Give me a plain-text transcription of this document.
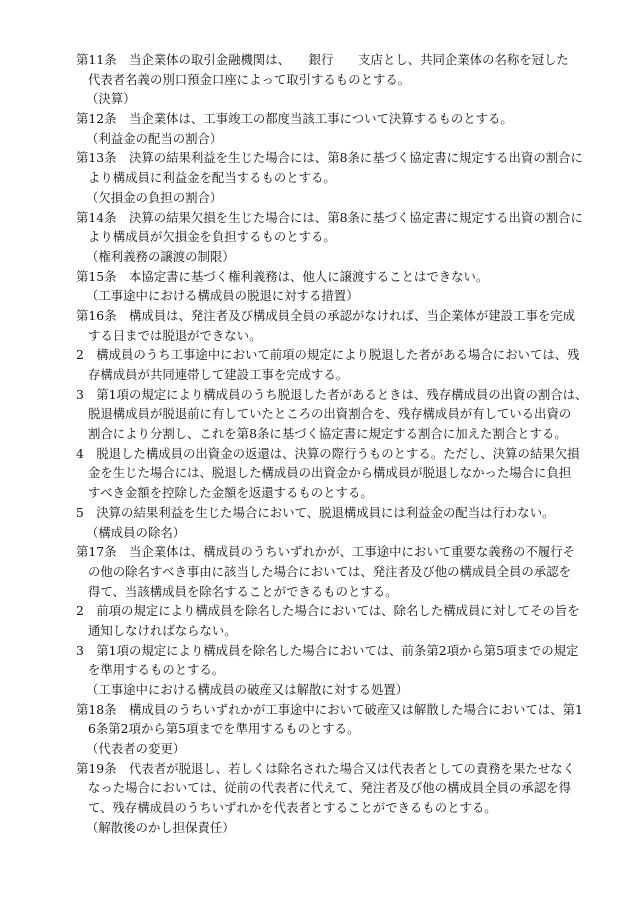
第11条　当企業体の取引金融機関は、　　銀行　　支店とし、共同企業体の名称を冠した
代表者名義の別口預金口座によって取引するものとする。
（決算）
第12条　当企業体は、工事竣工の都度当該工事について決算するものとする。
（利益金の配当の割合）
第13条　決算の結果利益を生じた場合には、第8条に基づく協定書に規定する出資の割合に
より構成員に利益金を配当するものとする。
（欠損金の負担の割合）
第14条　決算の結果欠損を生じた場合には、第8条に基づく協定書に規定する出資の割合に
より構成員が欠損金を負担するものとする。
（権利義務の譲渡の制限）
第15条　本協定書に基づく権利義務は、他人に譲渡することはできない。
（工事途中における構成員の脱退に対する措置）
第16条　構成員は、発注者及び構成員全員の承認がなければ、当企業体が建設工事を完成
する日までは脱退ができない。
2　構成員のうち工事途中において前項の規定により脱退した者がある場合においては、残
存構成員が共同連帯して建設工事を完成する。
3　第1項の規定により構成員のうち脱退した者があるときは、残存構成員の出資の割合は、
脱退構成員が脱退前に有していたところの出資割合を、残存構成員が有している出資の
割合により分割し、これを第8条に基づく協定書に規定する割合に加えた割合とする。
4　脱退した構成員の出資金の返還は、決算の際行うものとする。ただし、決算の結果欠損
金を生じた場合には、脱退した構成員の出資金から構成員が脱退しなかった場合に負担
すべき金額を控除した金額を返還するものとする。
5　決算の結果利益を生じた場合において、脱退構成員には利益金の配当は行わない。
（構成員の除名）
第17条　当企業体は、構成員のうちいずれかが、工事途中において重要な義務の不履行そ
の他の除名すべき事由に該当した場合においては、発注者及び他の構成員全員の承認を
得て、当該構成員を除名することができるものとする。
2　前項の規定により構成員を除名した場合においては、除名した構成員に対してその旨を
通知しなければならない。
3　第1項の規定により構成員を除名した場合においては、前条第2項から第5項までの規定
を準用するものとする。
（工事途中における構成員の破産又は解散に対する処置）
第18条　構成員のうちいずれかが工事途中において破産又は解散した場合においては、第1
6条第2項から第5項までを準用するものとする。
（代表者の変更）
第19条　代表者が脱退し、若しくは除名された場合又は代表者としての責務を果たせなく
なった場合においては、従前の代表者に代えて、発注者及び他の構成員全員の承認を得
て、残存構成員のうちいずれかを代表者とすることができるものとする。
（解散後のかし担保責任）
